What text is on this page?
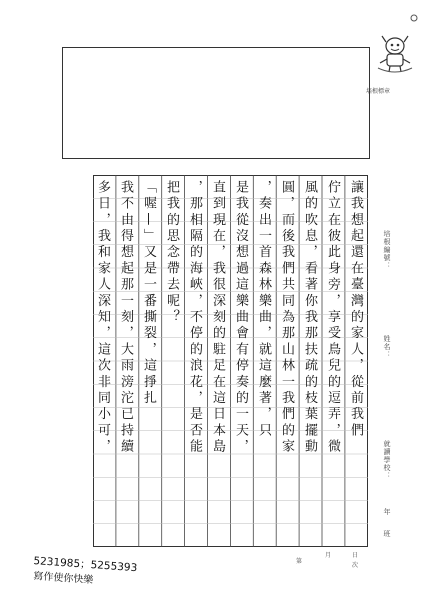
培根標章
培根編號：
姓名：
就讀學校：
年
班
讓我想起還在臺灣的家人，從前我們
佇立在彼此身旁，享受鳥兒的逗弄，微
風的吹息，看著你我那扶疏的枝葉擺動
圓，而後我們共同為那山林一我們的家
，奏出一首森林樂曲，就這麼著，只
是我從沒想過這樂曲會有停奏的一天，
直到現在，我很深刻的駐足在這日本島
，那相隔的海峽，不停的浪花，是否能
把我的思念帶去呢？
「喔—」又是一番撕裂，這掙扎
我不由得想起那一刻，大雨滂沱已持續
多日，我和家人深知，這次非同小可，
第
月	日
次
5231985；5255393
寫作使你快樂
